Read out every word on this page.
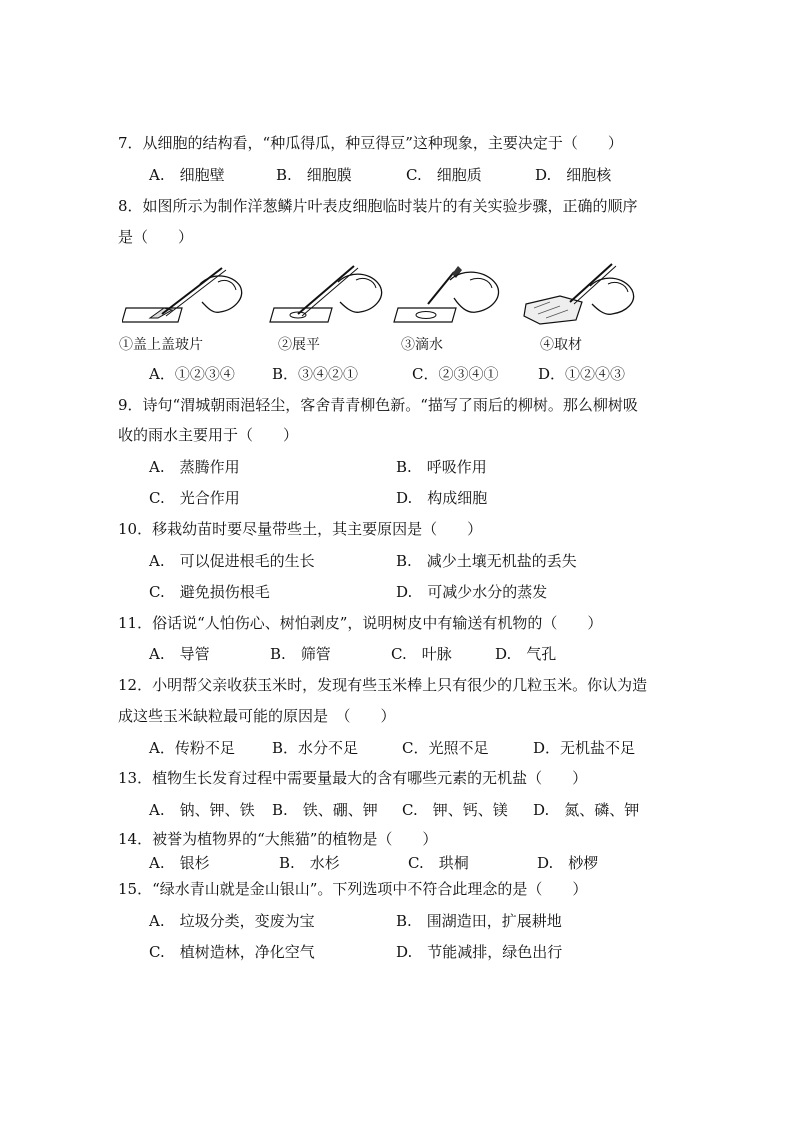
7．从细胞的结构看，“种瓜得瓜，种豆得豆”这种现象，主要决定于（　　）
A.　细胞壁	B.　细胞膜	C.　细胞质	D.　细胞核
8．如图所示为制作洋葱鳞片叶表皮细胞临时装片的有关实验步骤，正确的顺序
是（　　）
①盖上盖玻片	②展平	③滴水	④取材
A．①②③④ B．③④②①	C．②③④①	D．①②④③
9．诗句“渭城朝雨浥轻尘，客舍青青柳色新。“描写了雨后的柳树。那么柳树吸
收的雨水主要用于（　　）
A.　蒸腾作用	B.　呼吸作用
C.　光合作用	D.　构成细胞
10．移栽幼苗时要尽量带些土，其主要原因是（　　）
A.　可以促进根毛的生长	B.　减少土壤无机盐的丢失
C.　避免损伤根毛	D.　可减少水分的蒸发
11．俗话说“人怕伤心、树怕剥皮”，说明树皮中有输送有机物的（　　）
A.　导管	B.　筛管	C.　叶脉	D.　气孔
12．小明帮父亲收获玉米时，发现有些玉米棒上只有很少的几粒玉米。你认为造
成这些玉米缺粒最可能的原因是　（　　）
A．传粉不足 B．水分不足	C．光照不足	D．无机盐不足
13．植物生长发育过程中需要量最大的含有哪些元素的无机盐（　　）
A.　钠、钾、铁 B.　铁、硼、钾 C.　钾、钙、镁 D.　氮、磷、钾
14．被誉为植物界的“大熊猫”的植物是（　　）
A.　银杉	B.　水杉	C.　珙桐	D.　桫椤
15．“绿水青山就是金山银山”。下列选项中不符合此理念的是（　　）
A.　垃圾分类，变废为宝	B.　围湖造田，扩展耕地
C.　植树造林，净化空气	D.　节能减排，绿色出行
